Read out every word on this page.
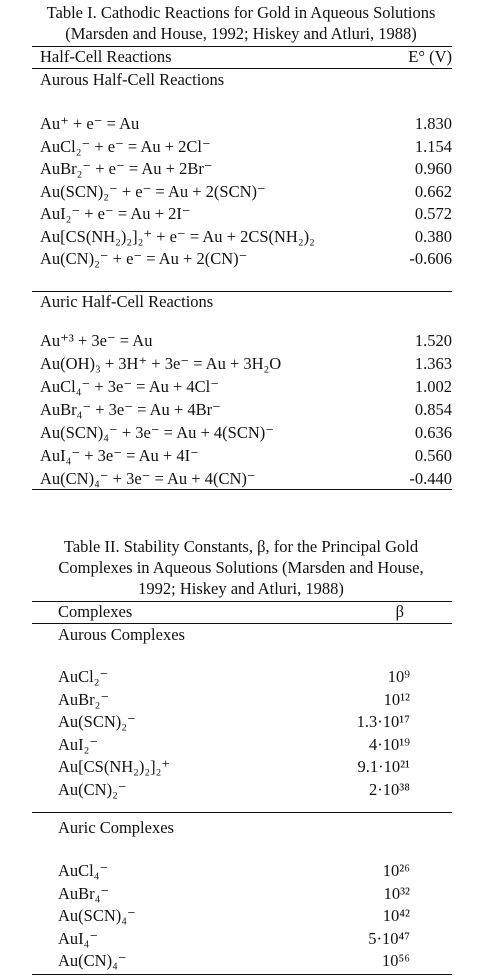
Table I. Cathodic Reactions for Gold in Aqueous Solutions
(Marsden and House, 1992; Hiskey and Atluri, 1988)
Half-Cell Reactions	E° (V)
Aurous Half-Cell Reactions
Au⁺ + e⁻ = Au	1.830
AuCl₂⁻ + e⁻ = Au + 2Cl⁻	1.154
AuBr₂⁻ + e⁻ = Au + 2Br⁻	0.960
Au(SCN)₂⁻ + e⁻ = Au + 2(SCN)⁻	0.662
AuI₂⁻ + e⁻ = Au + 2I⁻	0.572
Au[CS(NH₂)₂]₂⁺ + e⁻ = Au + 2CS(NH₂)₂	0.380
Au(CN)₂⁻ + e⁻ = Au + 2(CN)⁻	-0.606
Auric Half-Cell Reactions
Au⁺³ + 3e⁻ = Au	1.520
Au(OH)₃ + 3H⁺ + 3e⁻ = Au + 3H₂O	1.363
AuCl₄⁻ + 3e⁻ = Au + 4Cl⁻	1.002
AuBr₄⁻ + 3e⁻ = Au + 4Br⁻	0.854
Au(SCN)₄⁻ + 3e⁻ = Au + 4(SCN)⁻	0.636
AuI₄⁻ + 3e⁻ = Au + 4I⁻	0.560
Au(CN)₄⁻ + 3e⁻ = Au + 4(CN)⁻	-0.440
Table II. Stability Constants, β, for the Principal Gold
Complexes in Aqueous Solutions (Marsden and House,
1992; Hiskey and Atluri, 1988)
Complexes	β
Aurous Complexes
AuCl₂⁻	10⁹
AuBr₂⁻	10¹²
Au(SCN)₂⁻	1.3·10¹⁷
AuI₂⁻	4·10¹⁹
Au[CS(NH₂)₂]₂⁺	9.1·10²¹
Au(CN)₂⁻	2·10³⁸
Auric Complexes
AuCl₄⁻	10²⁶
AuBr₄⁻	10³²
Au(SCN)₄⁻	10⁴²
AuI₄⁻	5·10⁴⁷
Au(CN)₄⁻	10⁵⁶
